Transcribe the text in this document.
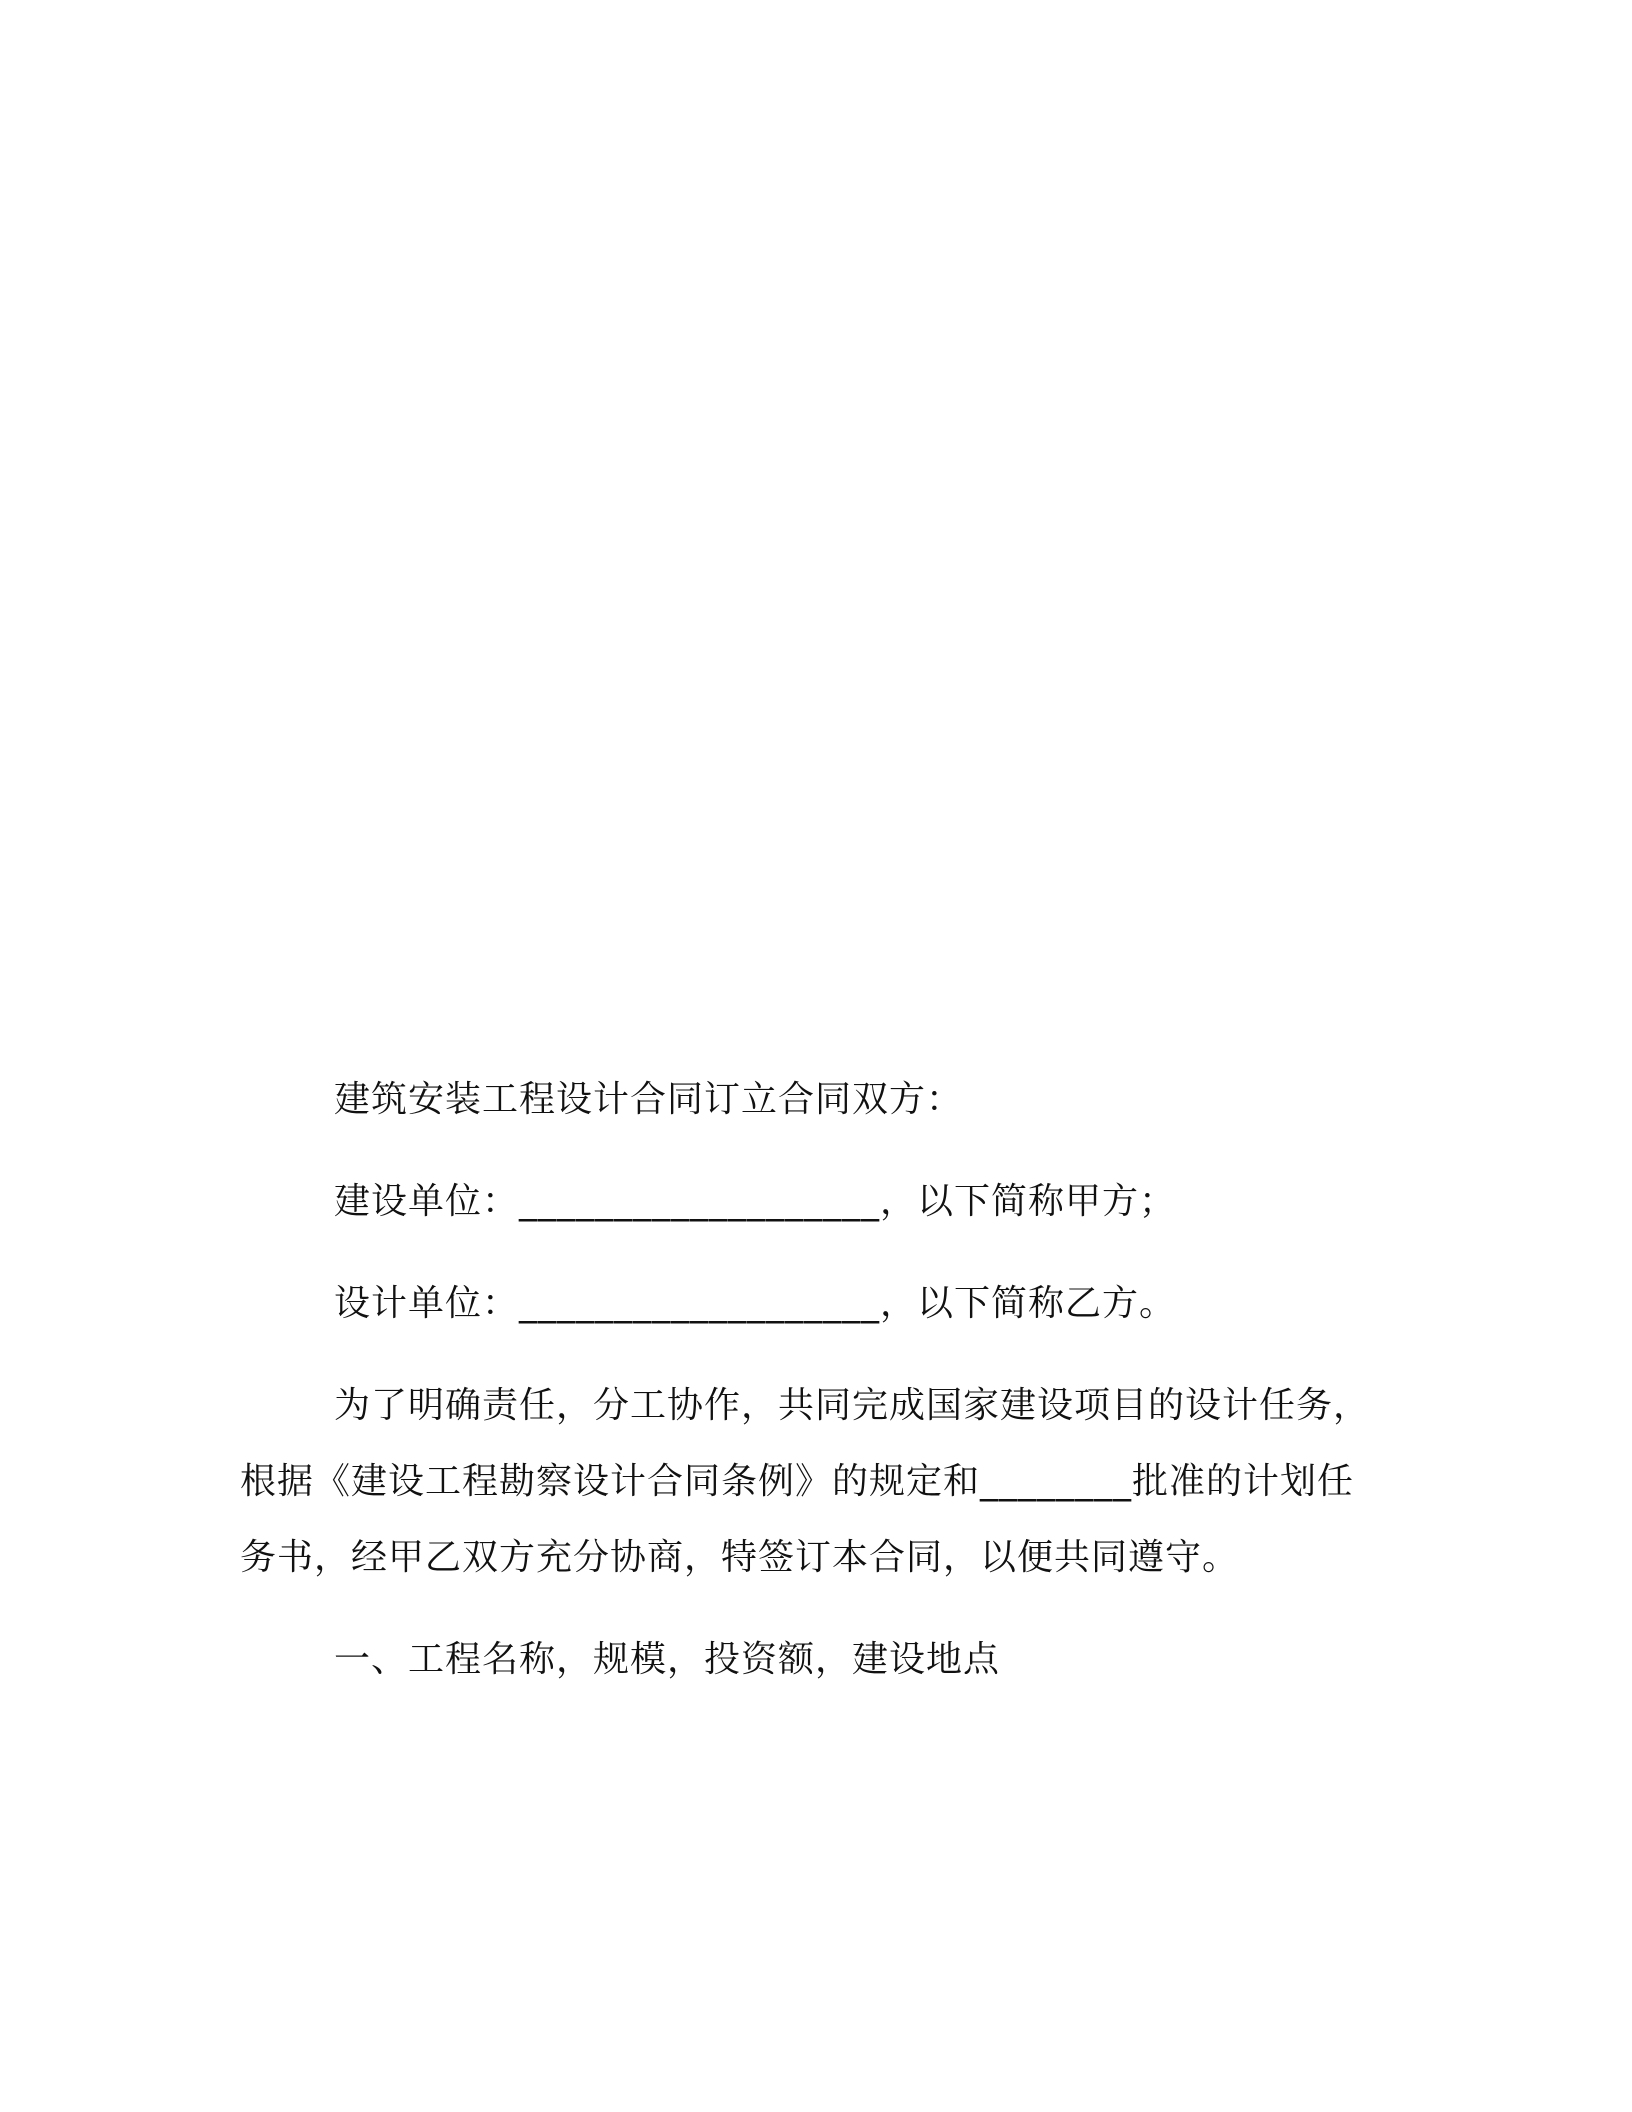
建筑安装工程设计合同订立合同双方：
建设单位：___________________，以下简称甲方；
设计单位：___________________，以下简称乙方。
为了明确责任，分工协作，共同完成国家建设项目的设计任务，
根据《建设工程勘察设计合同条例》的规定和________批准的计划任
务书，经甲乙双方充分协商，特签订本合同，以便共同遵守。
一、工程名称，规模，投资额，建设地点
